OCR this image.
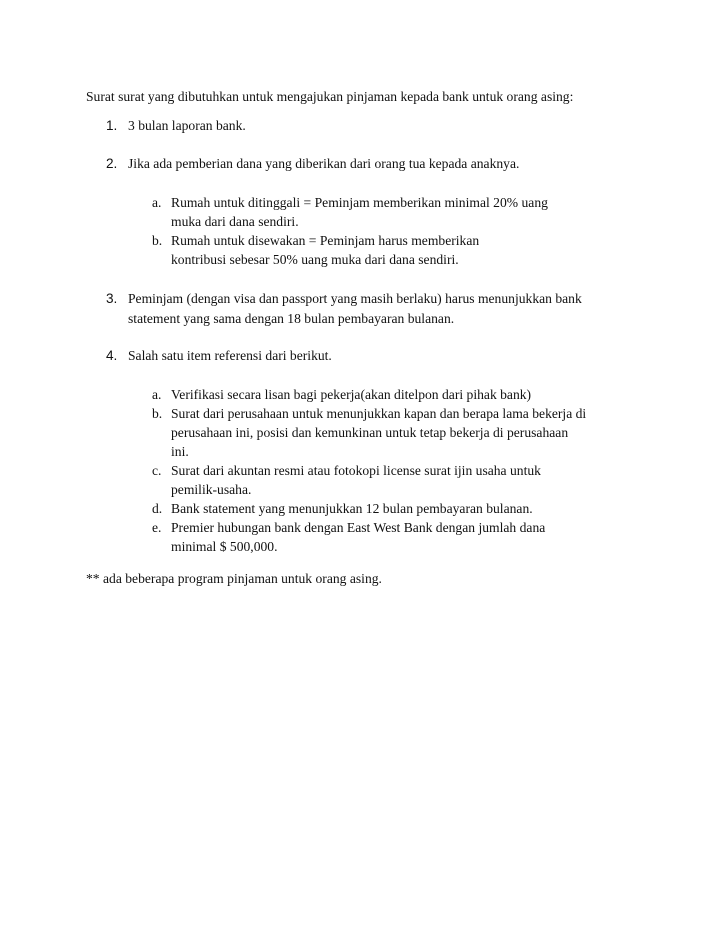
Surat surat yang dibutuhkan untuk mengajukan pinjaman kepada bank untuk orang asing:
1. 3 bulan laporan bank.
2. Jika ada pemberian dana yang diberikan dari orang tua kepada anaknya.
a. Rumah untuk ditinggali = Peminjam memberikan minimal 20% uang
muka dari dana sendiri.
b. Rumah untuk disewakan = Peminjam harus memberikan
kontribusi sebesar 50% uang muka dari dana sendiri.
3. Peminjam (dengan visa dan passport yang masih berlaku) harus menunjukkan bank
statement yang sama dengan 18 bulan pembayaran bulanan.
4. Salah satu item referensi dari berikut.
a. Verifikasi secara lisan bagi pekerja(akan ditelpon dari pihak bank)
b. Surat dari perusahaan untuk menunjukkan kapan dan berapa lama bekerja di
perusahaan ini, posisi dan kemunkinan untuk tetap bekerja di perusahaan
ini.
c. Surat dari akuntan resmi atau fotokopi license surat ijin usaha untuk
pemilik-usaha.
d. Bank statement yang menunjukkan 12 bulan pembayaran bulanan.
e. Premier hubungan bank dengan East West Bank dengan jumlah dana
minimal $ 500,000.
** ada beberapa program pinjaman untuk orang asing.
